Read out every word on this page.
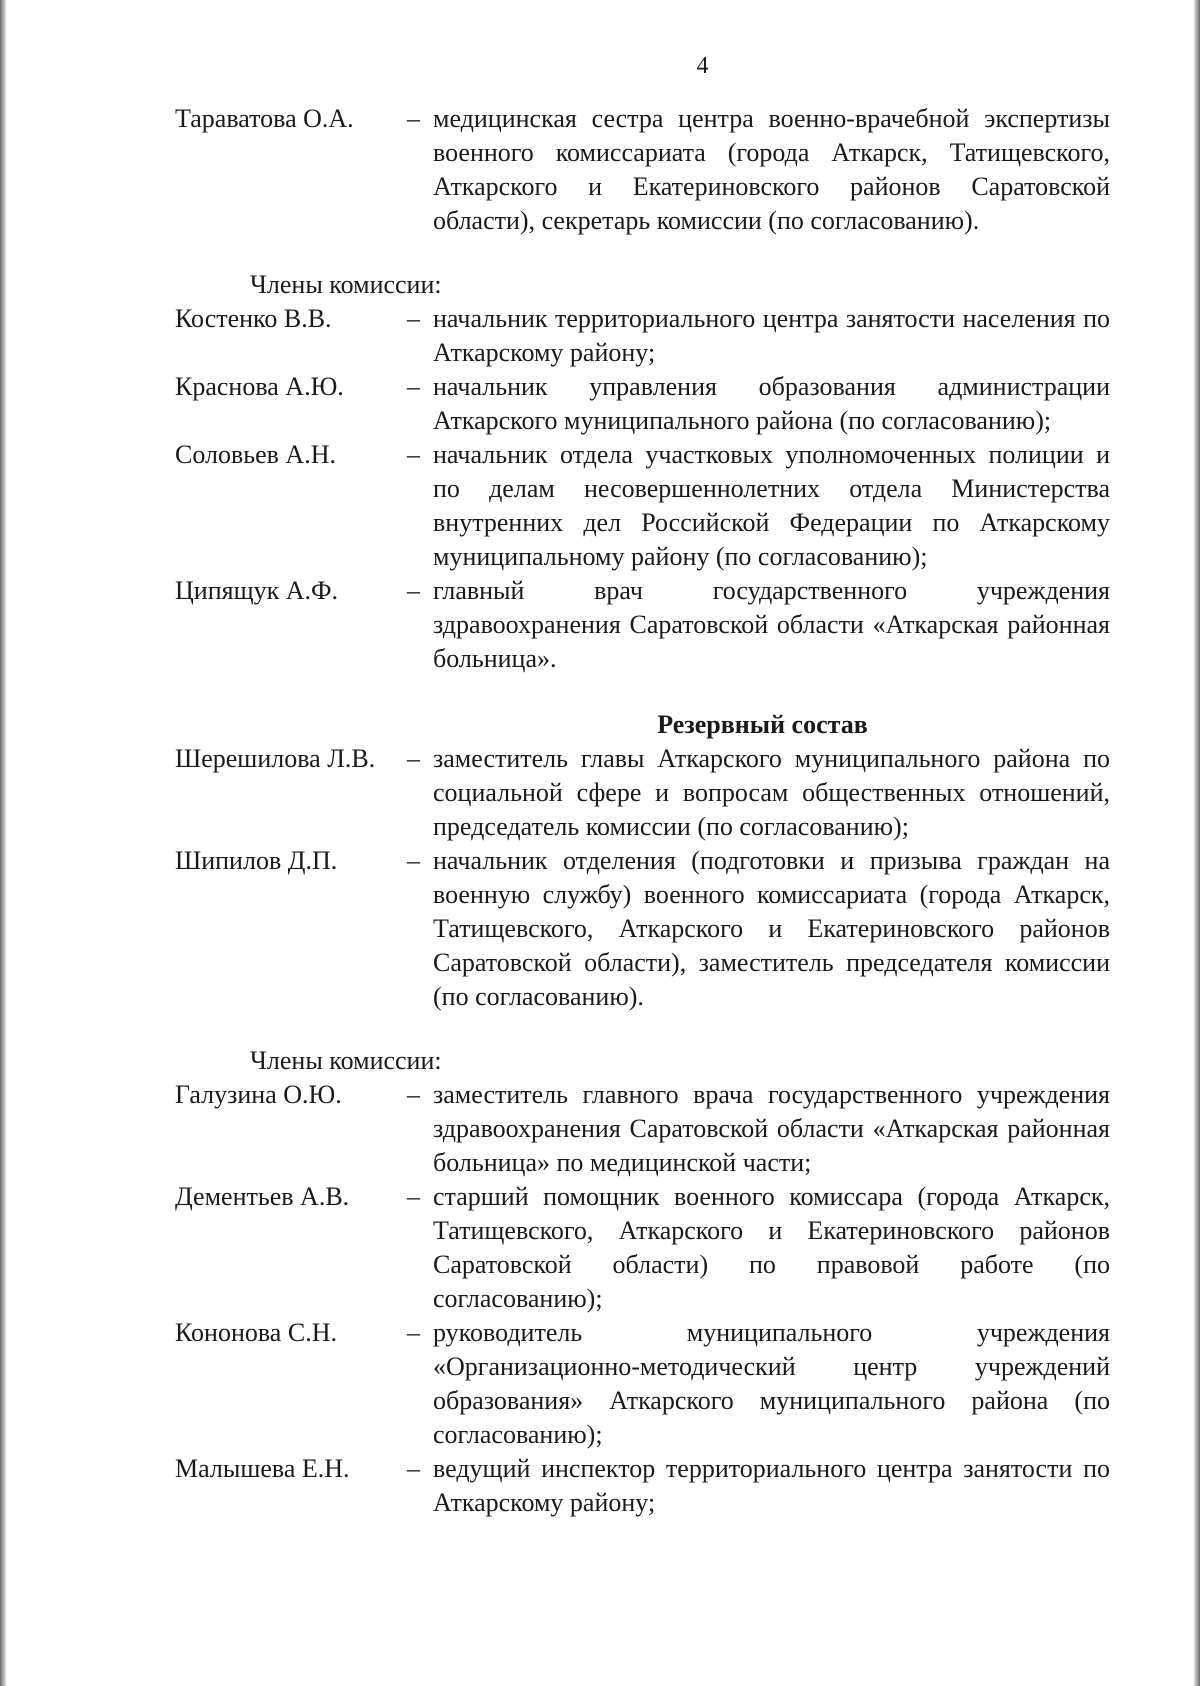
4
Тараватова О.А.	– медицинская сестра центра военно-врачебной экспертизы военного комиссариата (города Аткарск, Татищевского, Аткарского и Екатериновского районов Саратовской области), секретарь комиссии (по согласованию).
Члены комиссии:
Костенко В.В.	– начальник территориального центра занятости населения по Аткарскому району;
Краснова А.Ю.	– начальник управления образования администрации Аткарского муниципального района (по согласованию);
Соловьев А.Н.	– начальник отдела участковых уполномоченных полиции и по делам несовершеннолетних отдела Министерства внутренних дел Российской Федерации по Аткарскому муниципальному району (по согласованию);
Ципящук А.Ф.	– главный врач государственного учреждения здравоохранения Саратовской области «Аткарская районная больница».
Резервный состав
Шерешилова Л.В.	– заместитель главы Аткарского муниципального района по социальной сфере и вопросам общественных отношений, председатель комиссии (по согласованию);
Шипилов Д.П.	– начальник отделения (подготовки и призыва граждан на военную службу) военного комиссариата (города Аткарск, Татищевского, Аткарского и Екатериновского районов Саратовской области), заместитель председателя комиссии (по согласованию).
Члены комиссии:
Галузина О.Ю.	– заместитель главного врача государственного учреждения здравоохранения Саратовской области «Аткарская районная больница» по медицинской части;
Дементьев А.В.	– старший помощник военного комиссара (города Аткарск, Татищевского, Аткарского и Екатериновского районов Саратовской области) по правовой работе (по согласованию);
Кононова С.Н.	– руководитель муниципального учреждения «Организационно-методический центр учреждений образования» Аткарского муниципального района (по согласованию);
Малышева Е.Н.	– ведущий инспектор территориального центра занятости по Аткарскому району;
